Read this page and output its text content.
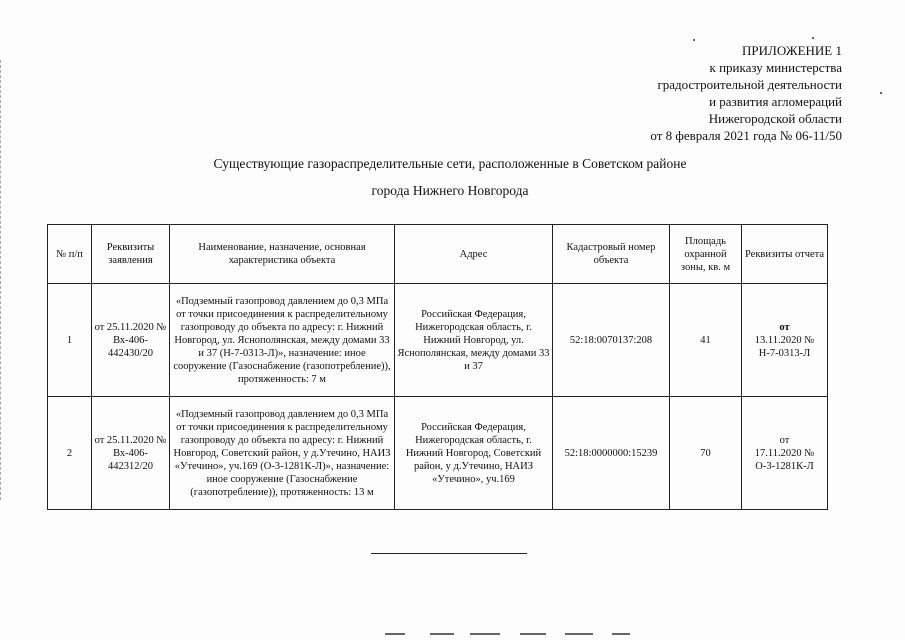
ПРИЛОЖЕНИЕ 1
к приказу министерства
градостроительной деятельности
и развития агломераций
Нижегородской области
от 8 февраля 2021 года № 06-11/50
Существующие газораспределительные сети, расположенные в Советском районе
города Нижнего Новгорода
№ п/п	Реквизиты заявления	Наименование, назначение, основная характеристика объекта	Адрес	Кадастровый номер объекта	Площадь охранной зоны, кв. м	Реквизиты отчета
1	от 25.11.2020 № Вх-406-442430/20	«Подземный газопровод давлением до 0,3 МПа от точки присоединения к распределительному газопроводу до объекта по адресу: г. Нижний Новгород, ул. Яснополянская, между домами 33 и 37 (Н-7-0313-Л)», назначение: иное сооружение (Газоснабжение (газопотребление)), протяженность: 7 м	Российская Федерация, Нижегородская область, г. Нижний Новгород, ул. Яснополянская, между домами 33 и 37	52:18:0070137:208	41	от
13.11.2020 № Н-7-0313-Л

2	от 25.11.2020 № Вх-406-442312/20	«Подземный газопровод давлением до 0,3 МПа от точки присоединения к распределительному газопроводу до объекта по адресу: г. Нижний Новгород, Советский район, у д.Утечино, НАИЗ «Утечино», уч.169 (О-3-1281К-Л)», назначение: иное сооружение (Газоснабжение (газопотребление)), протяженность: 13 м	Российская Федерация, Нижегородская область, г. Нижний Новгород, Советский район, у д.Утечино, НАИЗ «Утечино», уч.169	52:18:0000000:15239	70	от
17.11.2020 № О-3-1281К-Л
